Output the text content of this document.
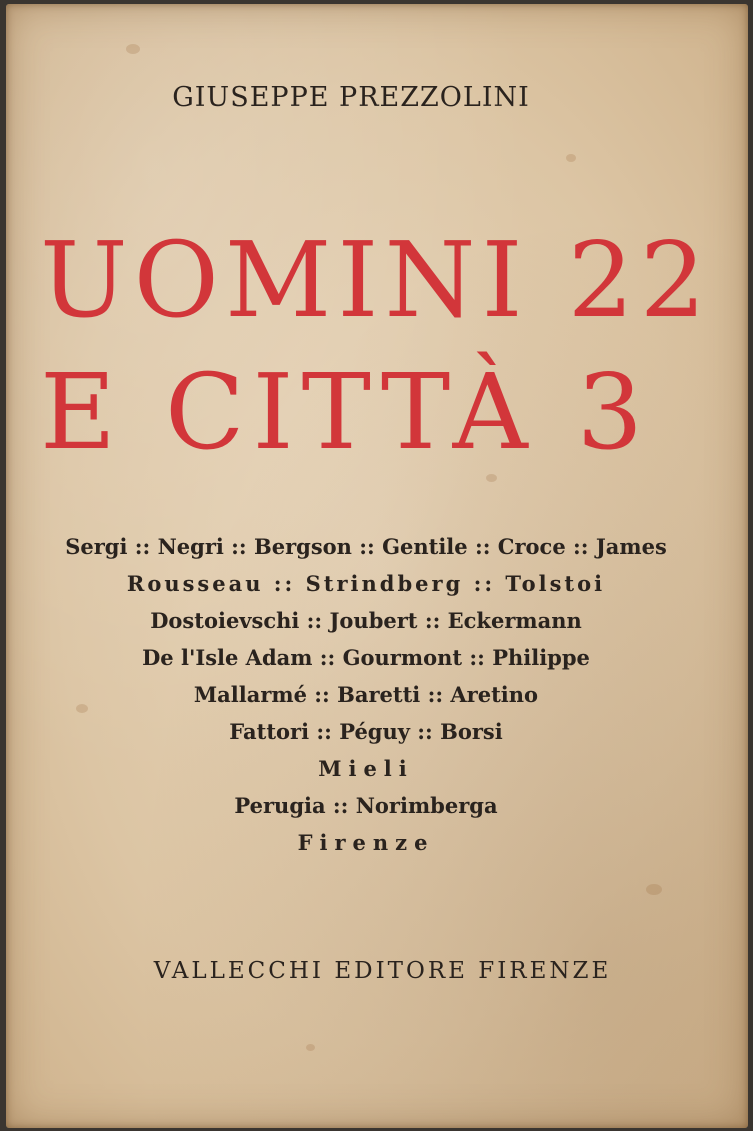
GIUSEPPE PREZZOLINI
UOMINI 22
E CITTÀ 3
Sergi :: Negri :: Bergson :: Gentile :: Croce :: James
Rousseau :: Strindberg :: Tolstoi
Dostoievschi :: Joubert :: Eckermann
De l'Isle Adam :: Gourmont :: Philippe
Mallarmé :: Baretti :: Aretino
Fattori :: Péguy :: Borsi
Mieli
Perugia :: Norimberga
Firenze
VALLECCHI EDITORE FIRENZE
